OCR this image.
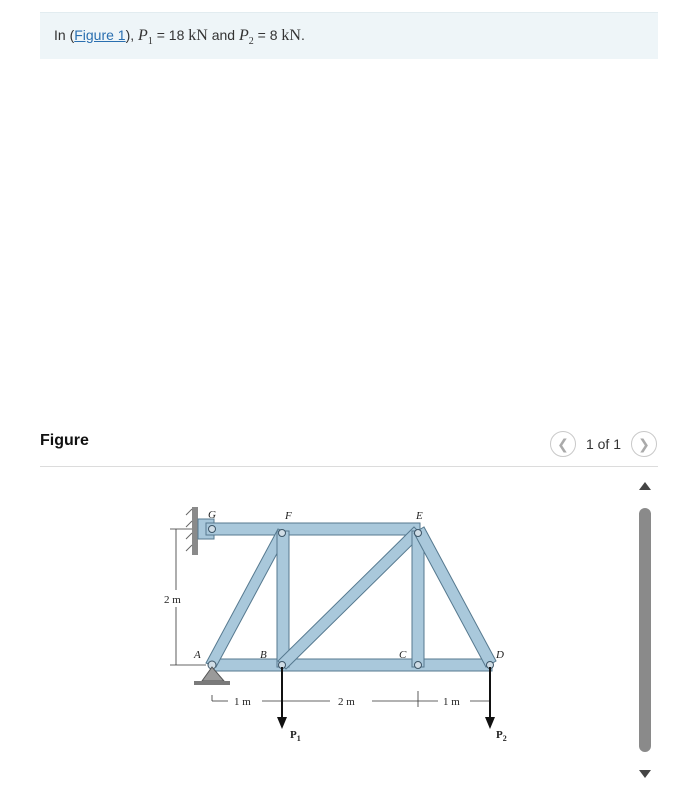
In (Figure 1), $P_1 = 18$ kN and $P_2 = 8$ kN.
Figure	❮	1 of 1	❯
2 m
G	F	E
A	B	C	D
1 m	2 m	1 m
$P_1$	$P_2$
